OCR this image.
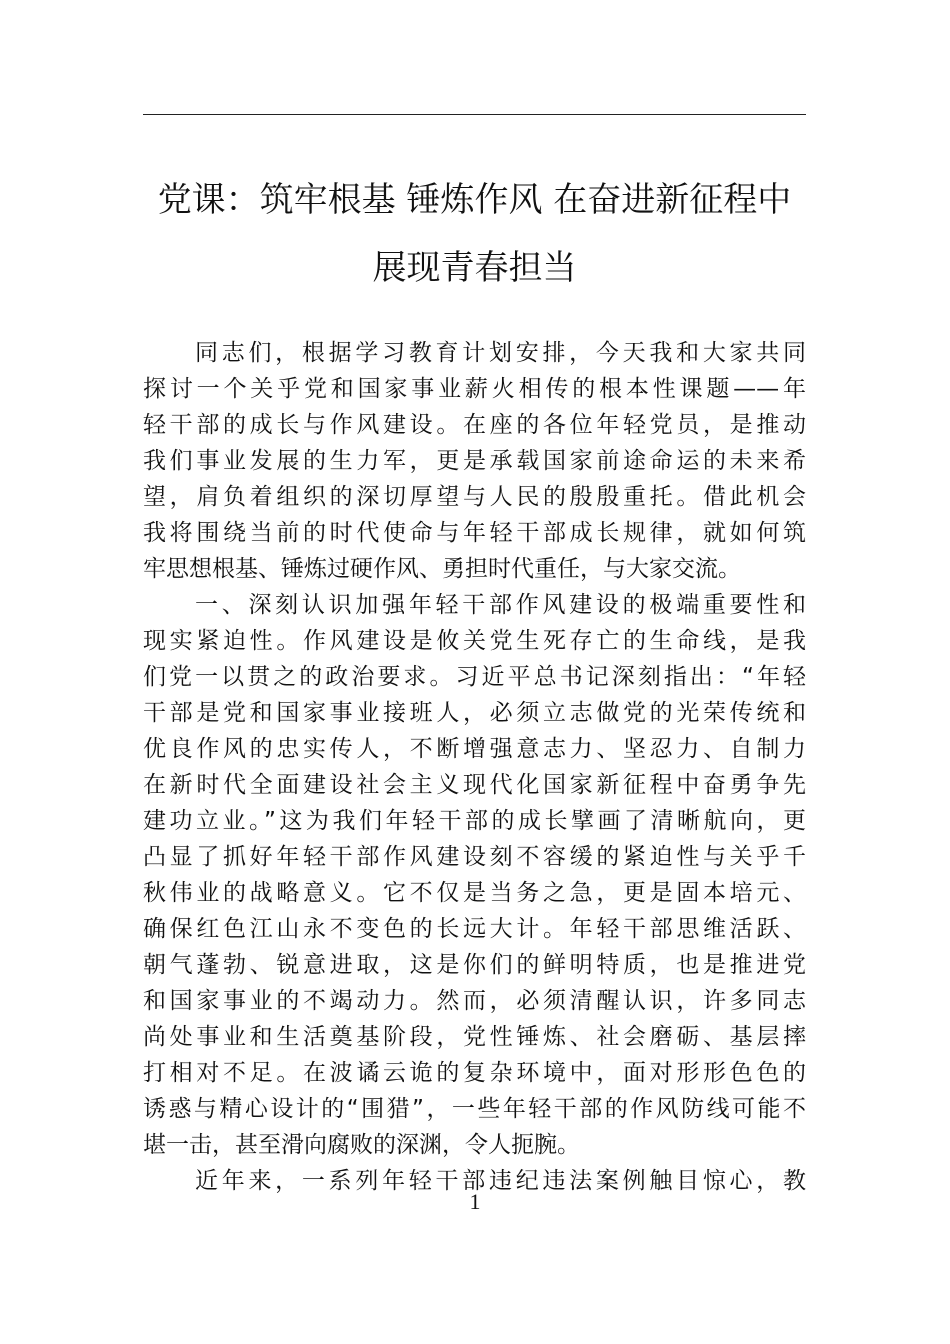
党课：筑牢根基 锤炼作风 在奋进新征程中
展现青春担当

同志们，根据学习教育计划安排，今天我和大家共同
探讨一个关乎党和国家事业薪火相传的根本性课题——年
轻干部的成长与作风建设。在座的各位年轻党员，是推动
我们事业发展的生力军，更是承载国家前途命运的未来希
望，肩负着组织的深切厚望与人民的殷殷重托。借此机会
我将围绕当前的时代使命与年轻干部成长规律，就如何筑
牢思想根基、锤炼过硬作风、勇担时代重任，与大家交流。

一、深刻认识加强年轻干部作风建设的极端重要性和
现实紧迫性。作风建设是攸关党生死存亡的生命线，是我
们党一以贯之的政治要求。习近平总书记深刻指出：“年轻
干部是党和国家事业接班人，必须立志做党的光荣传统和
优良作风的忠实传人，不断增强意志力、坚忍力、自制力
在新时代全面建设社会主义现代化国家新征程中奋勇争先
建功立业。”这为我们年轻干部的成长擘画了清晰航向，更
凸显了抓好年轻干部作风建设刻不容缓的紧迫性与关乎千
秋伟业的战略意义。它不仅是当务之急，更是固本培元、
确保红色江山永不变色的长远大计。年轻干部思维活跃、
朝气蓬勃、锐意进取，这是你们的鲜明特质，也是推进党
和国家事业的不竭动力。然而，必须清醒认识，许多同志
尚处事业和生活奠基阶段，党性锤炼、社会磨砺、基层摔
打相对不足。在波谲云诡的复杂环境中，面对形形色色的
诱惑与精心设计的“围猎”，一些年轻干部的作风防线可能不
堪一击，甚至滑向腐败的深渊，令人扼腕。

近年来，一系列年轻干部违纪违法案例触目惊心，教

1
